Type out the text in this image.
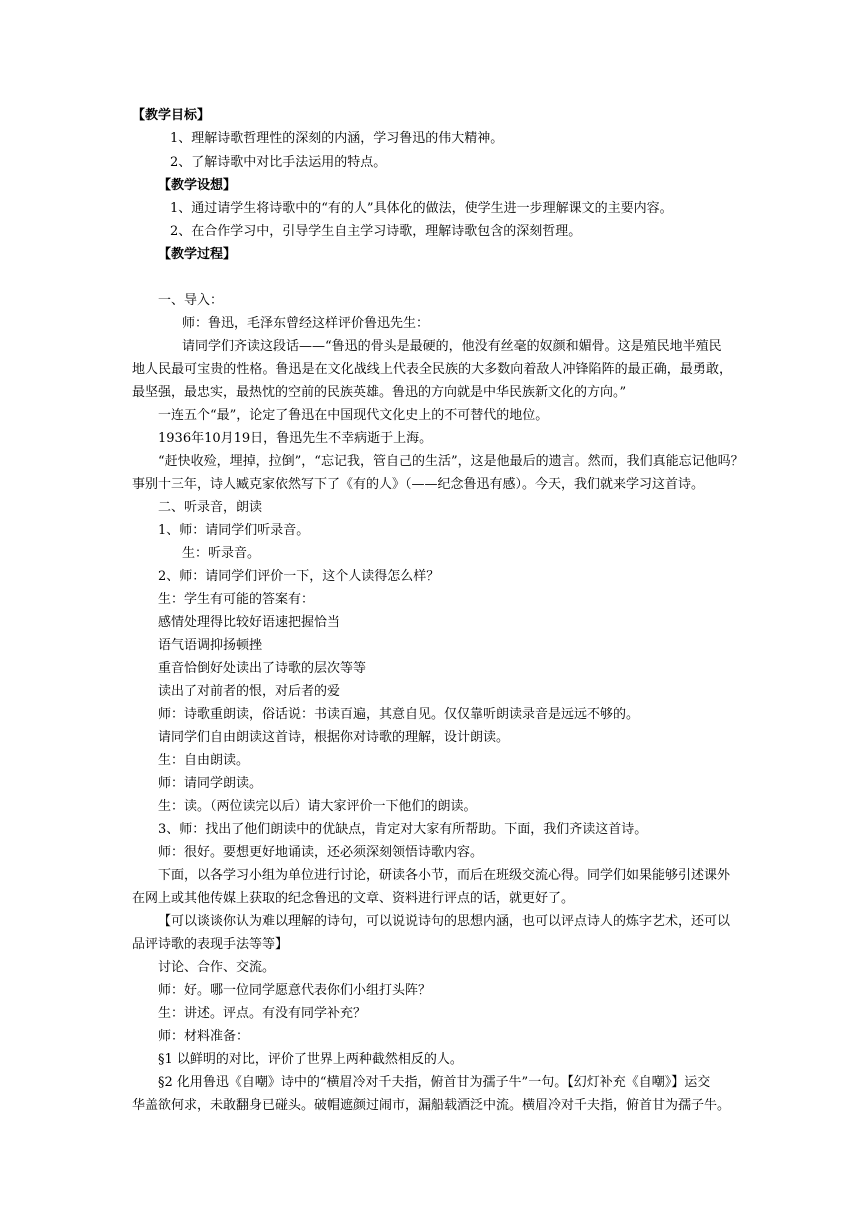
【教学目标】
1、理解诗歌哲理性的深刻的内涵，学习鲁迅的伟大精神。
2、了解诗歌中对比手法运用的特点。
【教学设想】
1、通过请学生将诗歌中的“有的人”具体化的做法，使学生进一步理解课文的主要内容。
2、在合作学习中，引导学生自主学习诗歌，理解诗歌包含的深刻哲理。
【教学过程】
一、导入：
师：鲁迅，毛泽东曾经这样评价鲁迅先生：
请同学们齐读这段话——“鲁迅的骨头是最硬的，他没有丝毫的奴颜和媚骨。这是殖民地半殖民
地人民最可宝贵的性格。鲁迅是在文化战线上代表全民族的大多数向着敌人冲锋陷阵的最正确，最勇敢，
最坚强，最忠实，最热忱的空前的民族英雄。鲁迅的方向就是中华民族新文化的方向。”
一连五个“最”，论定了鲁迅在中国现代文化史上的不可替代的地位。
1936年10月19日，鲁迅先生不幸病逝于上海。
“赶快收殓，埋掉，拉倒”，“忘记我，管自己的生活”，这是他最后的遗言。然而，我们真能忘记他吗？
事别十三年，诗人臧克家依然写下了《有的人》（——纪念鲁迅有感）。今天，我们就来学习这首诗。
二、听录音，朗读
1、师：请同学们听录音。
生：听录音。
2、师：请同学们评价一下，这个人读得怎么样？
生：学生有可能的答案有：
感情处理得比较好语速把握恰当
语气语调抑扬顿挫
重音恰倒好处读出了诗歌的层次等等
读出了对前者的恨，对后者的爱
师：诗歌重朗读，俗话说：书读百遍，其意自见。仅仅靠听朗读录音是远远不够的。
请同学们自由朗读这首诗，根据你对诗歌的理解，设计朗读。
生：自由朗读。
师：请同学朗读。
生：读。（两位读完以后）请大家评价一下他们的朗读。
3、师：找出了他们朗读中的优缺点，肯定对大家有所帮助。下面，我们齐读这首诗。
师：很好。要想更好地诵读，还必须深刻领悟诗歌内容。
下面，以各学习小组为单位进行讨论，研读各小节，而后在班级交流心得。同学们如果能够引述课外
在网上或其他传媒上获取的纪念鲁迅的文章、资料进行评点的话，就更好了。
【可以谈谈你认为难以理解的诗句，可以说说诗句的思想内涵，也可以评点诗人的炼字艺术，还可以
品评诗歌的表现手法等等】
讨论、合作、交流。
师：好。哪一位同学愿意代表你们小组打头阵？
生：讲述。评点。有没有同学补充？
师：材料准备：
§1 以鲜明的对比，评价了世界上两种截然相反的人。
§2 化用鲁迅《自嘲》诗中的“横眉冷对千夫指，俯首甘为孺子牛”一句。【幻灯补充《自嘲》】运交
华盖欲何求，未敢翻身已碰头。破帽遮颜过闹市，漏船载酒泛中流。横眉冷对千夫指，俯首甘为孺子牛。
